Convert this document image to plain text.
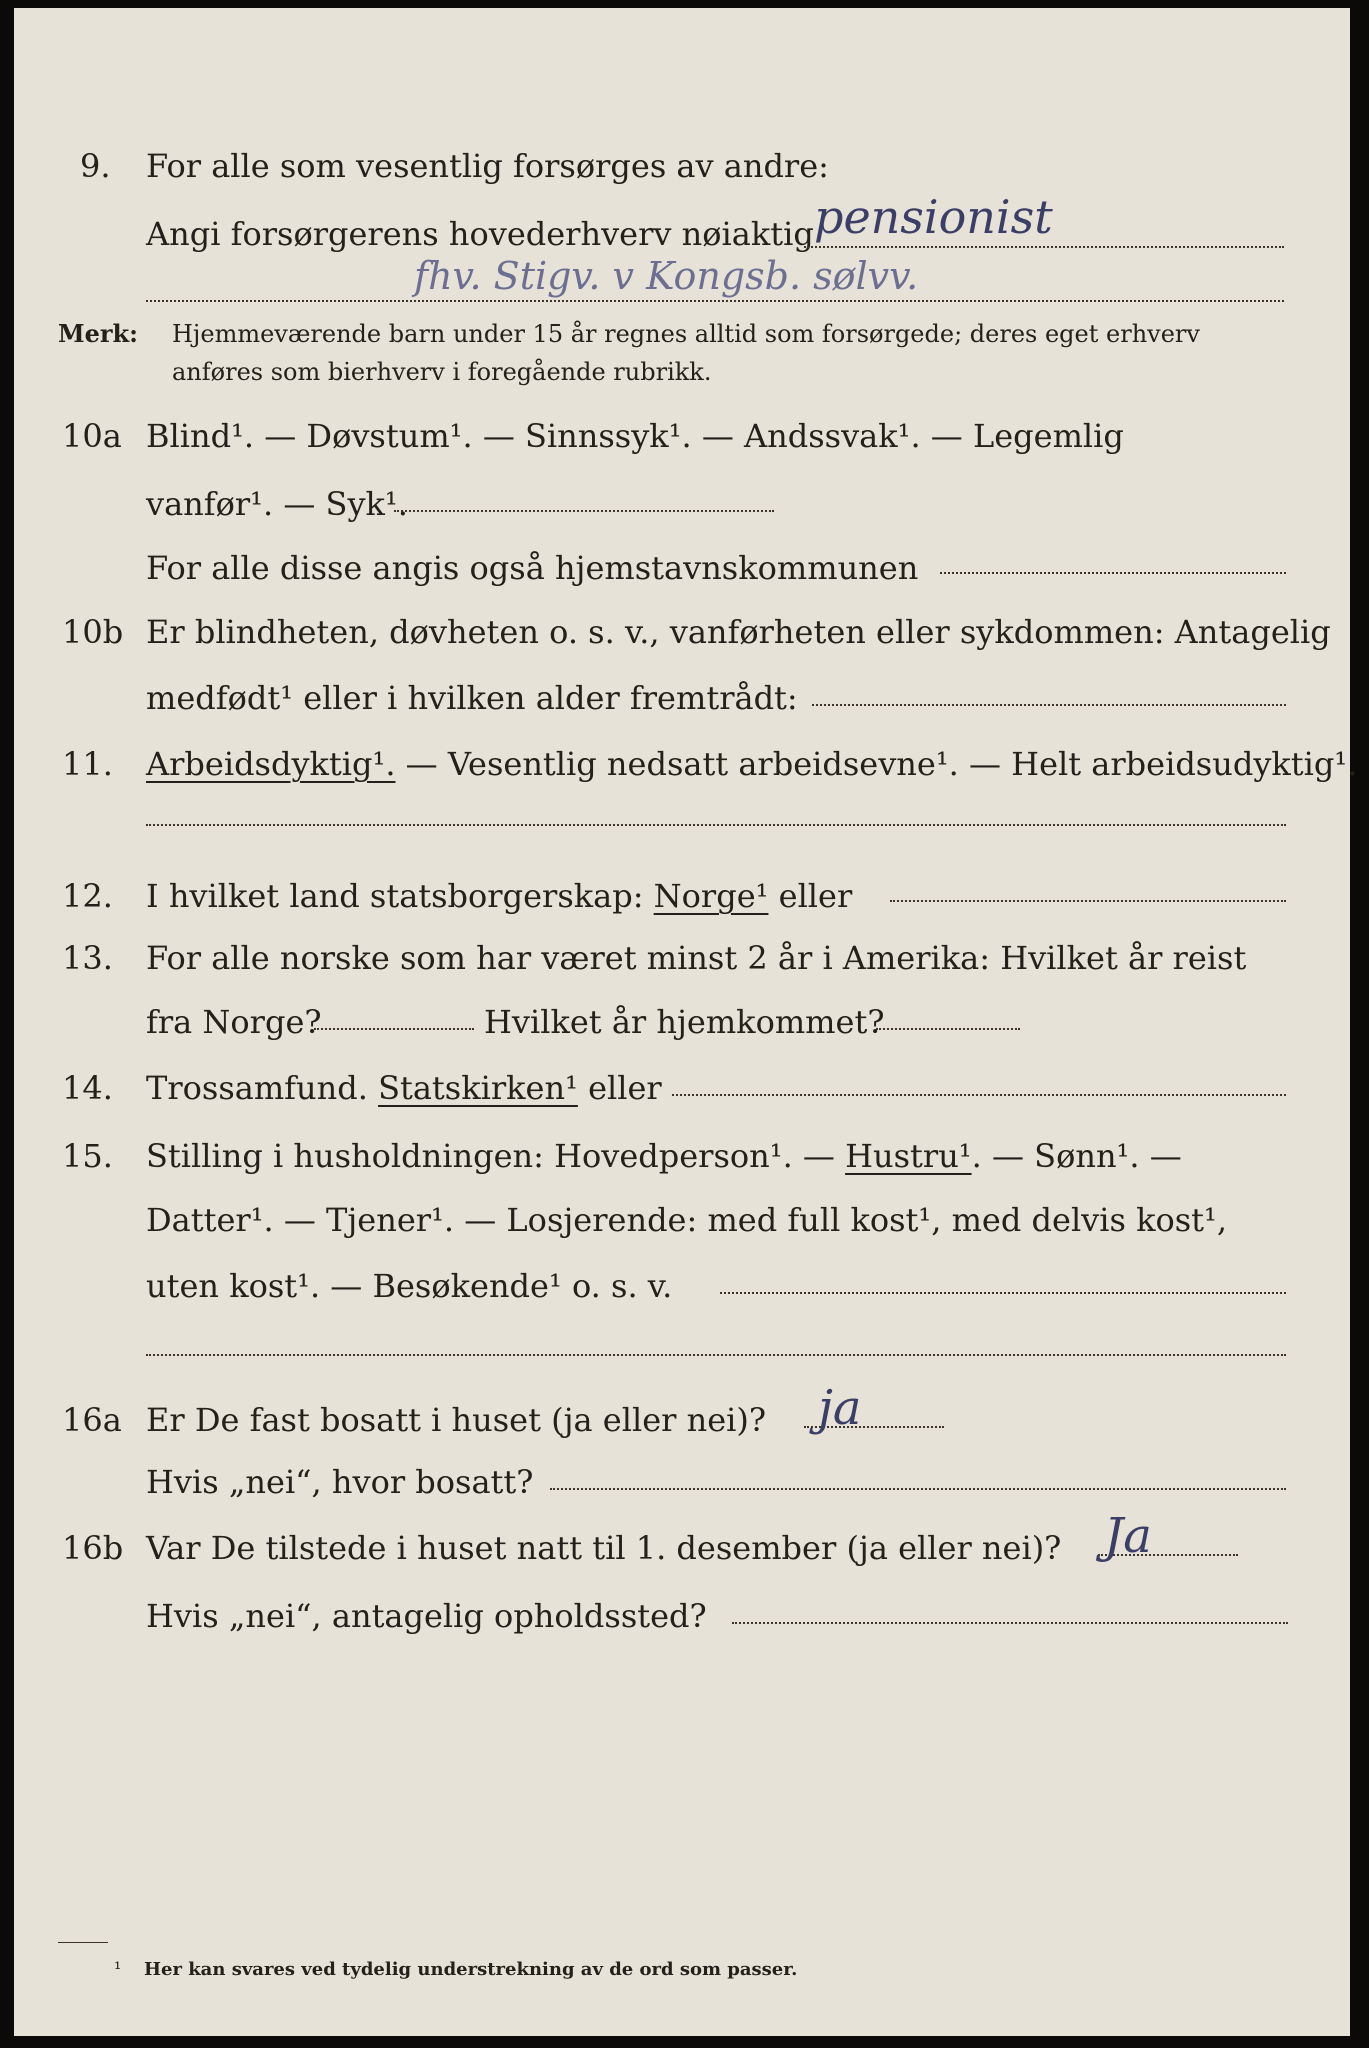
9. For alle som vesentlig forsørges av andre:
Angi forsørgerens hovederhverv nøiaktig pensionist
fhv. Stigv. v Kongsb. sølvv.
Merk: Hjemmeværende barn under 15 år regnes alltid som forsørgede; deres eget erhverv
anføres som bierhverv i foregående rubrikk.
10a Blind¹. — Døvstum¹. — Sinnssyk¹. — Andssvak¹. — Legemlig
vanfør¹. — Syk¹.
For alle disse angis også hjemstavnskommunen
10b Er blindheten, døvheten o. s. v., vanførheten eller sykdommen: Antagelig
medfødt¹ eller i hvilken alder fremtrådt:
11. Arbeidsdyktig¹. — Vesentlig nedsatt arbeidsevne¹. — Helt arbeidsudyktig¹.
12. I hvilket land statsborgerskap: Norge¹ eller
13. For alle norske som har været minst 2 år i Amerika: Hvilket år reist
fra Norge?	Hvilket år hjemkommet?
14. Trossamfund. Statskirken¹ eller
15. Stilling i husholdningen: Hovedperson¹. — Hustru¹. — Sønn¹. —
Datter¹. — Tjener¹. — Losjerende: med full kost¹, med delvis kost¹,
uten kost¹. — Besøkende¹ o. s. v.
16a Er De fast bosatt i huset (ja eller nei)? ja
Hvis „nei“, hvor bosatt?
16b Var De tilstede i huset natt til 1. desember (ja eller nei)? Ja
Hvis „nei“, antagelig opholdssted?
¹ Her kan svares ved tydelig understrekning av de ord som passer.
